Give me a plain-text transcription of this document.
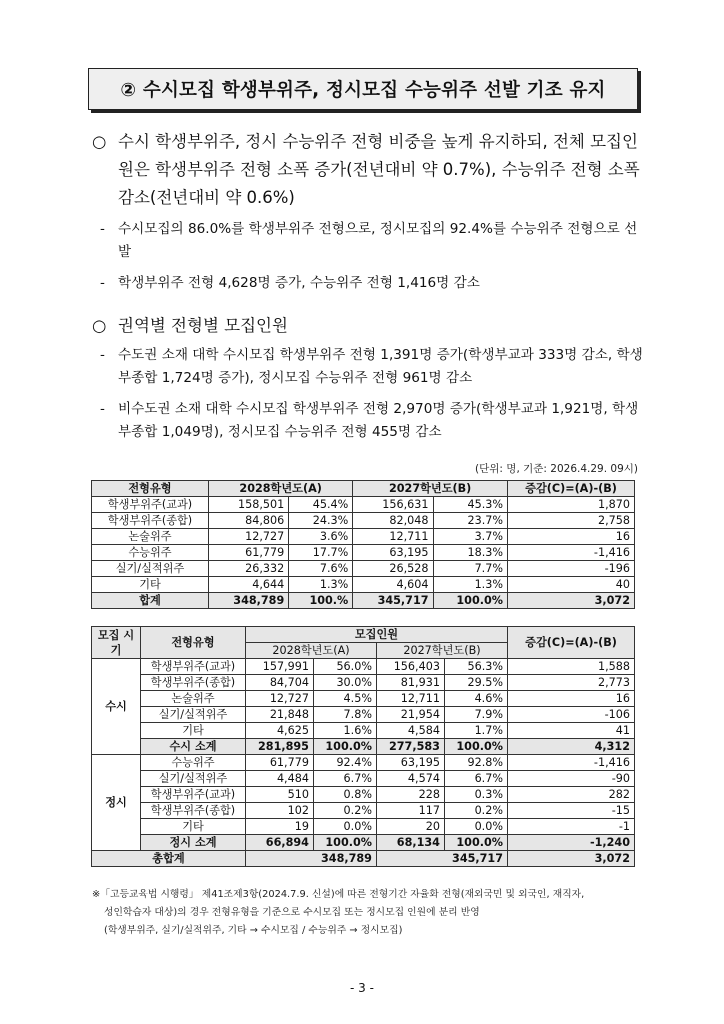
② 수시모집 학생부위주, 정시모집 수능위주 선발 기조 유지
○ 수시 학생부위주, 정시 수능위주 전형 비중을 높게 유지하되, 전체 모집인원은 학생부위주 전형 소폭 증가(전년대비 약 0.7%), 수능위주 전형 소폭 감소(전년대비 약 0.6%)
- 수시모집의 86.0%를 학생부위주 전형으로, 정시모집의 92.4%를 수능위주 전형으로 선발
- 학생부위주 전형 4,628명 증가, 수능위주 전형 1,416명 감소
○ 권역별 전형별 모집인원
- 수도권 소재 대학 수시모집 학생부위주 전형 1,391명 증가(학생부교과 333명 감소, 학생부종합 1,724명 증가), 정시모집 수능위주 전형 961명 감소
- 비수도권 소재 대학 수시모집 학생부위주 전형 2,970명 증가(학생부교과 1,921명, 학생부종합 1,049명), 정시모집 수능위주 전형 455명 감소
(단위: 명, 기준: 2026.4.29. 09시)
전형유형	2028학년도(A)		2027학년도(B)		증감(C)=(A)-(B)
학생부위주(교과)	158,501	45.4%	156,631	45.3%	1,870
학생부위주(종합)	84,806	24.3%	82,048	23.7%	2,758
논술위주	12,727	3.6%	12,711	3.7%	16
수능위주	61,779	17.7%	63,195	18.3%	-1,416
실기/실적위주	26,332	7.6%	26,528	7.7%	-196
기타	4,644	1.3%	4,604	1.3%	40
합계	348,789	100.%	345,717	100.0%	3,072
모집 시기	전형유형	모집인원				증감(C)=(A)-(B)
		2028학년도(A)		2027학년도(B)		
수시	학생부위주(교과)	157,991	56.0%	156,403	56.3%	1,588
	학생부위주(종합)	84,704	30.0%	81,931	29.5%	2,773
	논술위주	12,727	4.5%	12,711	4.6%	16
	실기/실적위주	21,848	7.8%	21,954	7.9%	-106
	기타	4,625	1.6%	4,584	1.7%	41
	수시 소계	281,895	100.0%	277,583	100.0%	4,312
정시	수능위주	61,779	92.4%	63,195	92.8%	-1,416
	실기/실적위주	4,484	6.7%	4,574	6.7%	-90
	학생부위주(교과)	510	0.8%	228	0.3%	282
	학생부위주(종합)	102	0.2%	117	0.2%	-15
	기타	19	0.0%	20	0.0%	-1
	정시 소계	66,894	100.0%	68,134	100.0%	-1,240
총합계		348,789		345,717		3,072
※「고등교육법 시행령」 제41조제3항(2024.7.9. 신설)에 따른 전형기간 자율화 전형(재외국민 및 외국인, 재직자,
성인학습자 대상)의 경우 전형유형을 기준으로 수시모집 또는 정시모집 인원에 분리 반영
(학생부위주, 실기/실적위주, 기타 → 수시모집 / 수능위주 → 정시모집)
- 3 -
